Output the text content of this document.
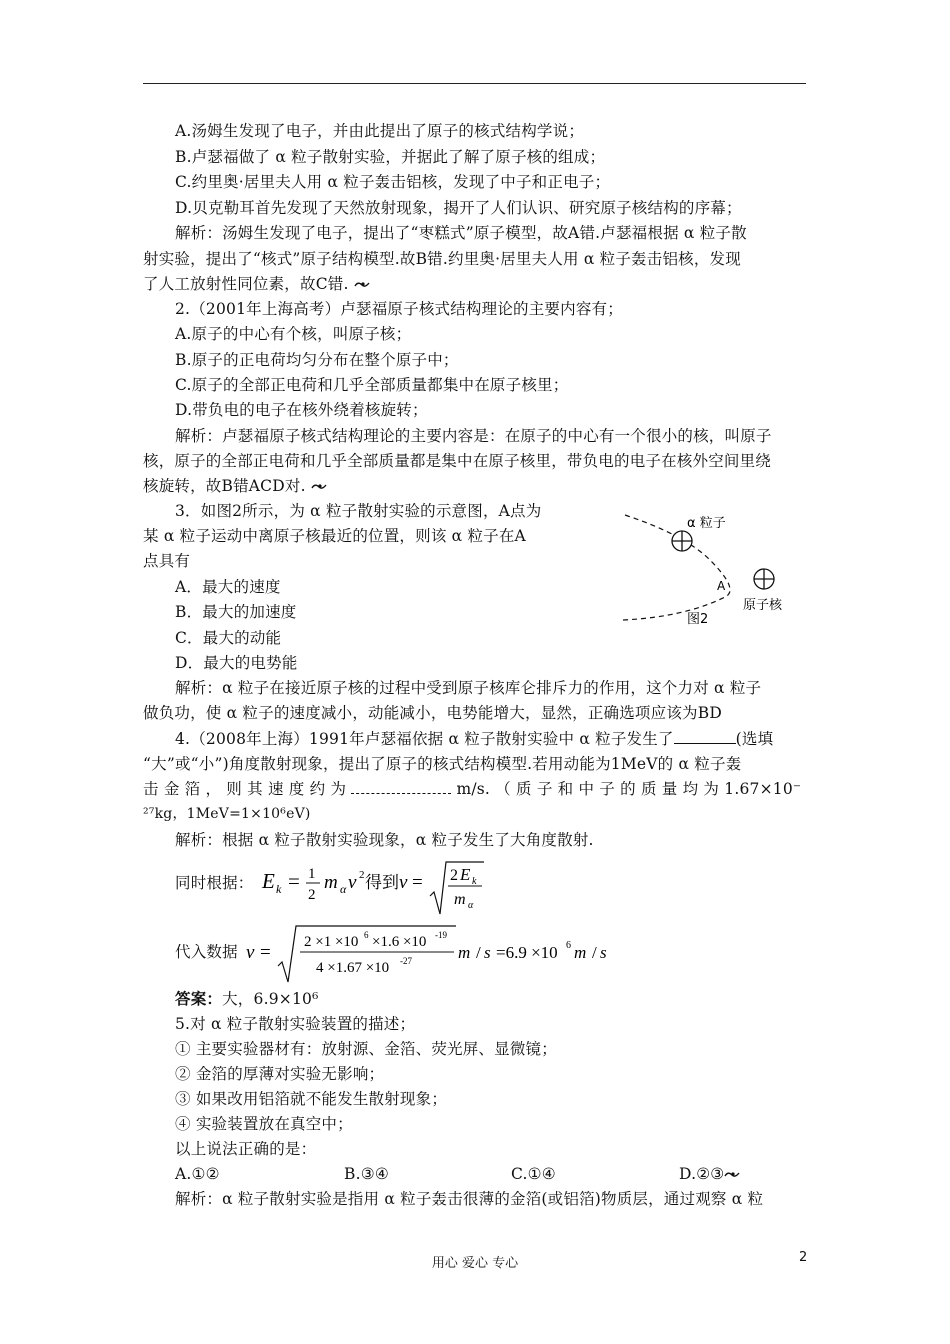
A.汤姆生发现了电子，并由此提出了原子的核式结构学说；
B.卢瑟福做了 α 粒子散射实验，并据此了解了原子核的组成；
C.约里奥·居里夫人用 α 粒子轰击铝核，发现了中子和正电子；
D.贝克勒耳首先发现了天然放射现象，揭开了人们认识、研究原子核结构的序幕；
解析：汤姆生发现了电子，提出了“枣糕式”原子模型，故A错.卢瑟福根据 α 粒子散
射实验，提出了“核式”原子结构模型.故B错.约里奥·居里夫人用 α 粒子轰击铝核，发现
了人工放射性同位素，故C错.
2.（2001年上海高考）卢瑟福原子核式结构理论的主要内容有；
A.原子的中心有个核，叫原子核；
B.原子的正电荷均匀分布在整个原子中；
C.原子的全部正电荷和几乎全部质量都集中在原子核里；
D.带负电的电子在核外绕着核旋转；
解析：卢瑟福原子核式结构理论的主要内容是：在原子的中心有一个很小的核，叫原子
核，原子的全部正电荷和几乎全部质量都是集中在原子核里，带负电的电子在核外空间里绕
核旋转，故B错ACD对.
3．如图2所示，为 α 粒子散射实验的示意图，A点为
某 α 粒子运动中离原子核最近的位置，则该 α 粒子在A
点具有
A．最大的速度
B．最大的加速度
C．最大的动能
D．最大的电势能
解析：α 粒子在接近原子核的过程中受到原子核库仑排斥力的作用，这个力对 α 粒子
做负功，使 α 粒子的速度减小，动能减小，电势能增大，显然，正确选项应该为BD
α 粒子
A
原子核
图2
4.（2008年上海）1991年卢瑟福依据 α 粒子散射实验中 α 粒子发生了	(选填
“大”或“小”)角度散射现象，提出了原子的核式结构模型.若用动能为1MeV的 α 粒子轰
击 金 箔 ， 则 其 速 度 约 为	m/s. （ 质 子 和 中 子 的 质 量 均 为 1.67×10⁻
²⁷kg，1MeV=1×10⁶eV)
解析：根据 α 粒子散射实验现象，α 粒子发生了大角度散射.
同时根据： E k = 1
2
m α v 2 得到 v = 2 E k
m α
代入数据 v = 2 ×1 ×10 6 ×1.6 ×10 -19
4 ×1.67 ×10 -27	m / s =6.9 ×10 6 m / s
答案：大，6.9×10⁶
5.对 α 粒子散射实验装置的描述；
① 主要实验器材有：放射源、金箔、荧光屏、显微镜；
② 金箔的厚薄对实验无影响；
③ 如果改用铝箔就不能发生散射现象；
④ 实验装置放在真空中；
以上说法正确的是：
A.①②	B.③④	C.①④	D.②③
解析：α 粒子散射实验是指用 α 粒子轰击很薄的金箔(或铝箔)物质层，通过观察 α 粒
用心 爱心 专心	2
